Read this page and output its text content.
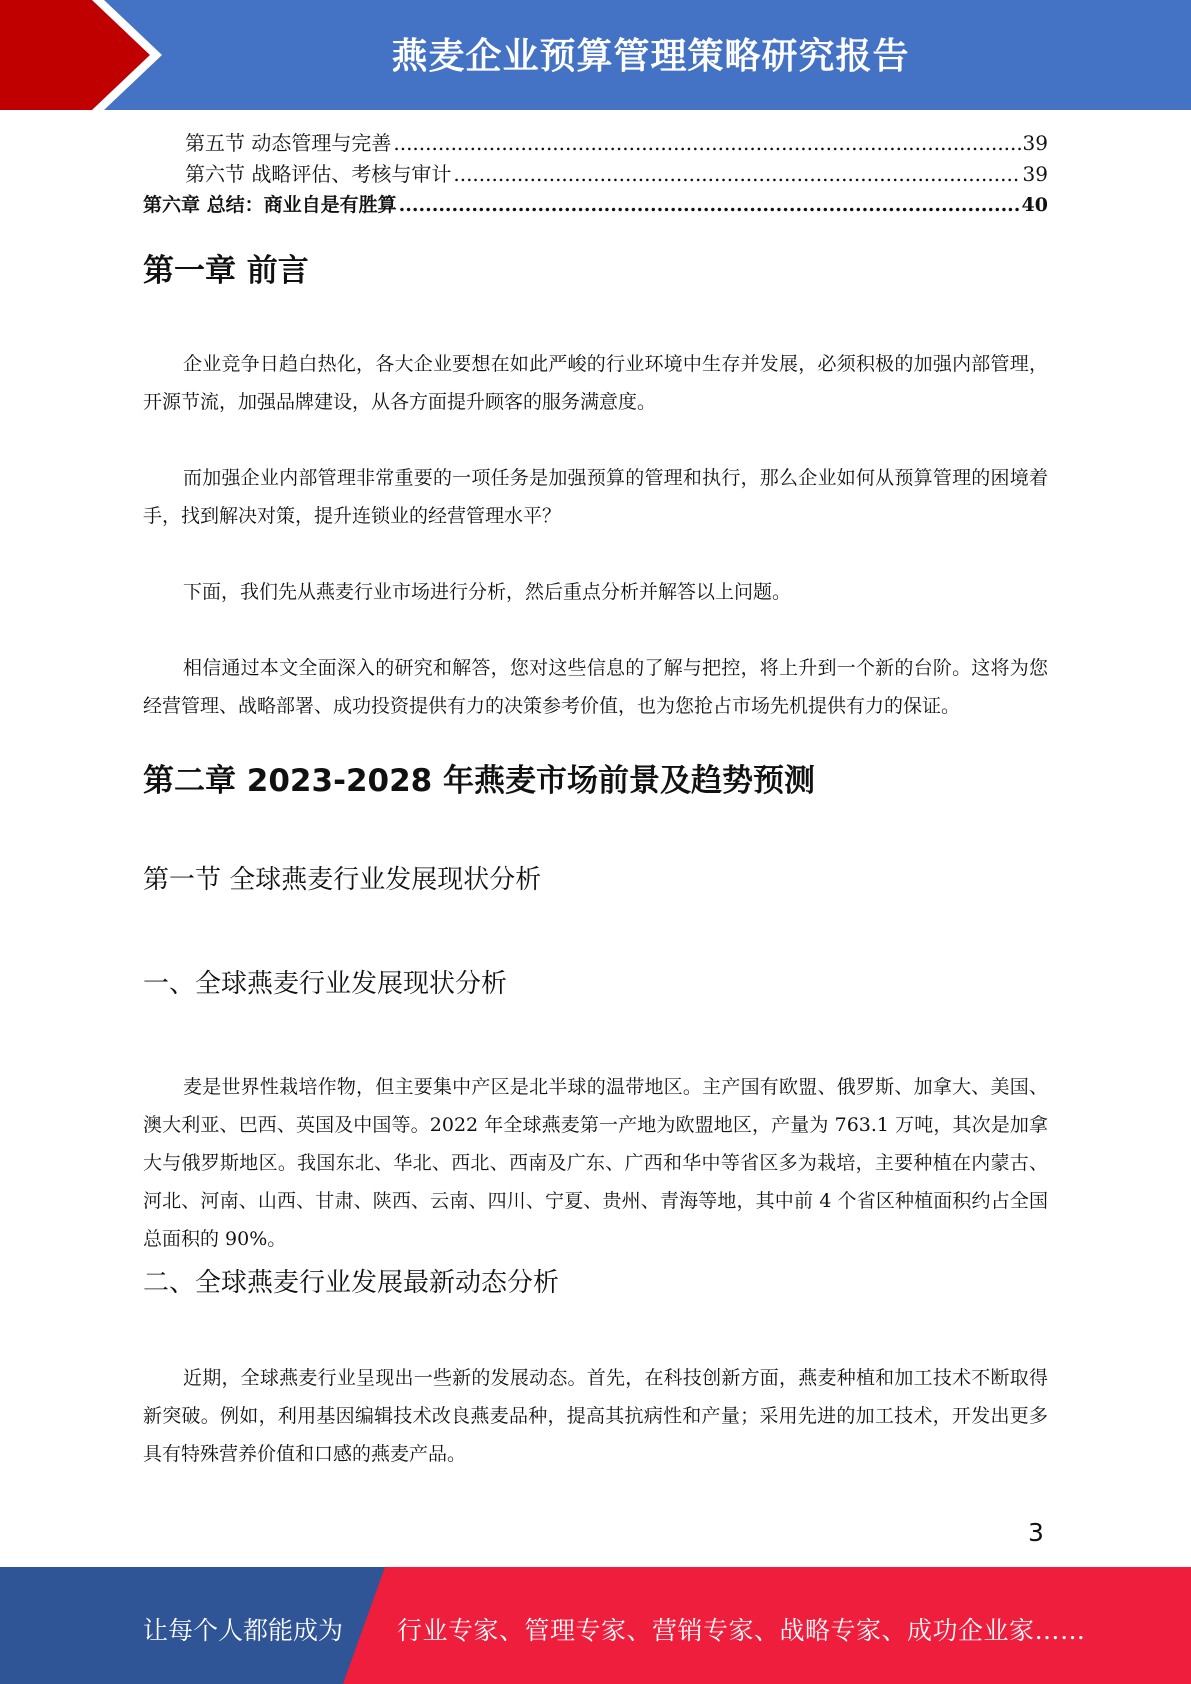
燕麦企业预算管理策略研究报告
第五节 动态管理与完善 .....	39
第六节 战略评估、考核与审计 .....	39
第六章 总结：商业自是有胜算 .....	40
第一章 前言

企业竞争日趋白热化，各大企业要想在如此严峻的行业环境中生存并发展，必须积极的加强内部管理，开源节流，加强品牌建设，从各方面提升顾客的服务满意度。

而加强企业内部管理非常重要的一项任务是加强预算的管理和执行，那么企业如何从预算管理的困境着手，找到解决对策，提升连锁业的经营管理水平？

下面，我们先从燕麦行业市场进行分析，然后重点分析并解答以上问题。

相信通过本文全面深入的研究和解答，您对这些信息的了解与把控，将上升到一个新的台阶。这将为您经营管理、战略部署、成功投资提供有力的决策参考价值，也为您抢占市场先机提供有力的保证。

第二章 2023-2028 年燕麦市场前景及趋势预测
第一节 全球燕麦行业发展现状分析
一、全球燕麦行业发展现状分析

麦是世界性栽培作物，但主要集中产区是北半球的温带地区。主产国有欧盟、俄罗斯、加拿大、美国、澳大利亚、巴西、英国及中国等。2022 年全球燕麦第一产地为欧盟地区，产量为 763.1 万吨，其次是加拿大与俄罗斯地区。我国东北、华北、西北、西南及广东、广西和华中等省区多为栽培，主要种植在内蒙古、河北、河南、山西、甘肃、陕西、云南、四川、宁夏、贵州、青海等地，其中前 4 个省区种植面积约占全国总面积的 90%。

二、全球燕麦行业发展最新动态分析

近期，全球燕麦行业呈现出一些新的发展动态。首先，在科技创新方面，燕麦种植和加工技术不断取得新突破。例如，利用基因编辑技术改良燕麦品种，提高其抗病性和产量；采用先进的加工技术，开发出更多具有特殊营养价值和口感的燕麦产品。

3
让每个人都能成为 行业专家、管理专家、营销专家、战略专家、成功企业家……
